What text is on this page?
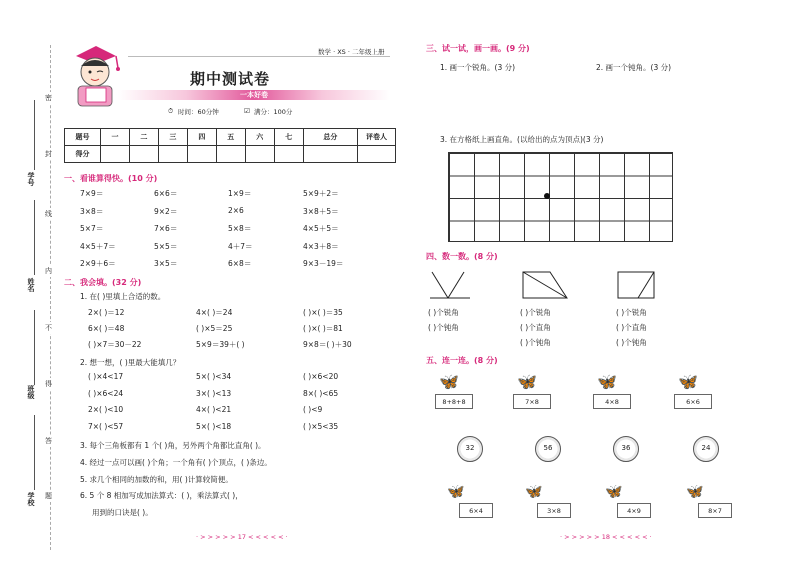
密
封
线
内
不
得
答
题
学号
姓名
班级
学校
数学 · XS · 二年级上册
期中测试卷
一本好卷
⏱ 时间：60分钟	☑ 满分：100分
题号	一	二	三	四	五	六	七	总分	评卷人
得分									
一、看谁算得快。(10 分)
7×9＝	6×6＝	1×9＝	5×9＋2＝
3×8＝	9×2＝	2×6	3×8＋5＝
5×7＝	7×6＝	5×8＝	4×5＋5＝
4×5＋7＝	5×5＝	4＋7＝	4×3＋8＝
2×9＋6＝	3×5＝	6×8＝	9×3－19＝
二、我会填。(32 分)
1. 在( )里填上合适的数。
2×( )＝12	4×( )＝24	( )×( )＝35
6×( )＝48	( )×5＝25	( )×( )＝81
( )×7＝30－22	5×9＝39＋( )	9×8＝( )＋30
2. 想一想，( )里最大能填几？
( )×4<17	5×( )<34	( )×6<20
( )×6<24	3×( )<13	8×( )<65
2×( )<10	4×( )<21	( )<9
7×( )<57	5×( )<18	( )×5<35
3. 每个三角板都有 1 个( )角，另外两个角都比直角( )。
4. 经过一点可以画( )个角；一个角有( )个顶点，( )条边。
5. 求几个相同的加数的和，用( )计算较简便。
6. 5 个 8 相加写成加法算式：( )，乘法算式( )，
用到的口诀是( )。
· > > > > > 17 < < < < < ·
三、试一试，画一画。(9 分)
1. 画一个锐角。(3 分)	2. 画一个钝角。(3 分)
3. 在方格纸上画直角。(以给出的点为顶点)(3 分)
四、数一数。(8 分)
( )个锐角
( )个钝角
( )个锐角
( )个直角
( )个钝角
( )个锐角
( )个直角
( )个钝角
五、连一连。(8 分)
🦋
8+8+8
🦋
7×8
🦋
4×8
🦋
6×6
32	56	36	24
🦋
6×4
🦋
3×8
🦋
4×9
🦋
8×7
· > > > > > 18 < < < < < ·
